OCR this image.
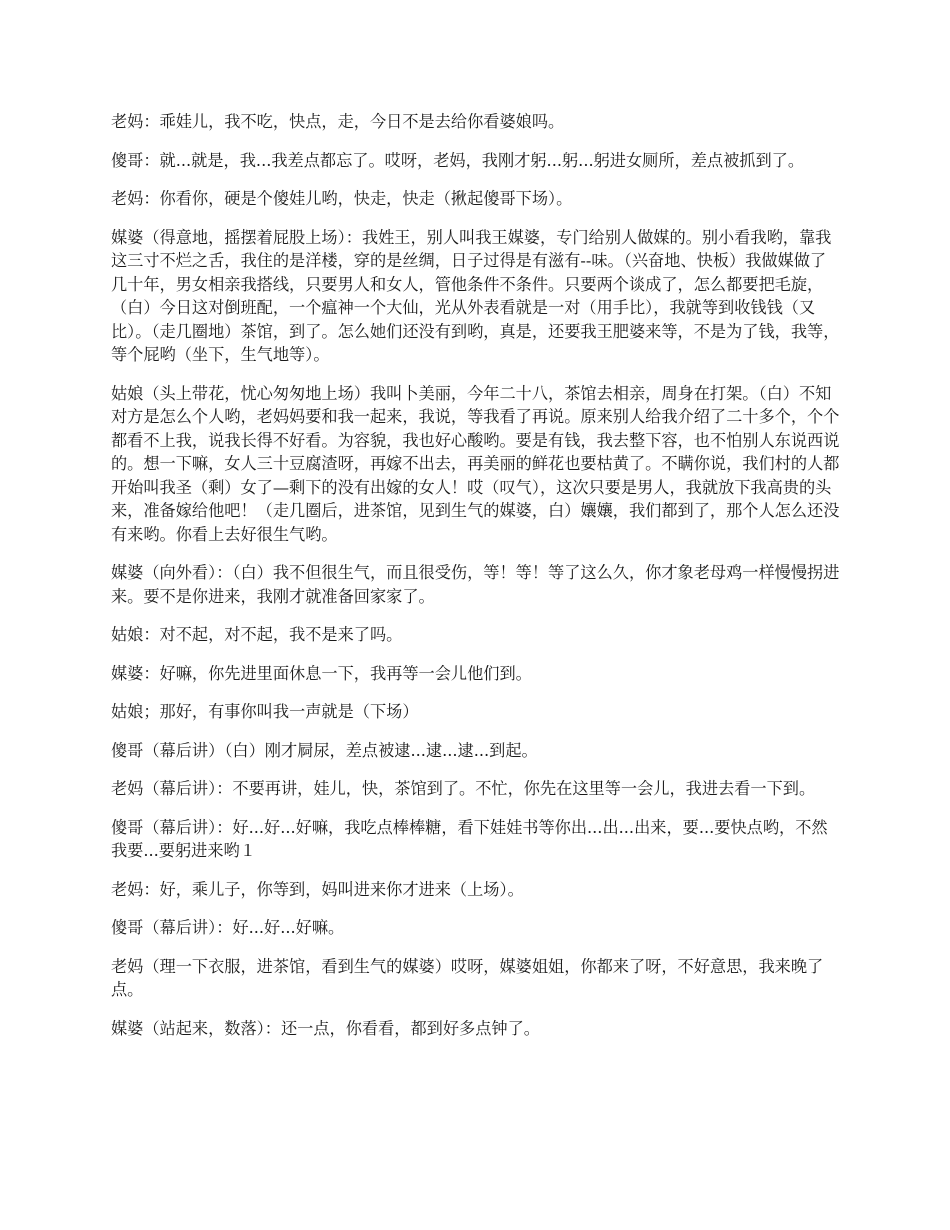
老妈：乖娃儿，我不吃，快点，走，今日不是去给你看婆娘吗。

傻哥：就...就是，我...我差点都忘了。哎呀，老妈，我刚才躬...躬...躬进女厕所，差点被抓到了。

老妈：你看你，硬是个傻娃儿哟，快走，快走（揪起傻哥下场）。

媒婆（得意地，摇摆着屁股上场）：我姓王，别人叫我王媒婆，专门给别人做媒的。别小看我哟，靠我这三寸不烂之舌，我住的是洋楼，穿的是丝绸，日子过得是有滋有--味。（兴奋地、快板）我做媒做了几十年，男女相亲我搭线，只要男人和女人，管他条件不条件。只要两个谈成了，怎么都要把毛旋，（白）今日这对倒班配，一个瘟神一个大仙，光从外表看就是一对（用手比），我就等到收钱钱（又比）。（走几圈地）茶馆，到了。怎么她们还没有到哟，真是，还要我王肥婆来等，不是为了钱，我等，等个屁哟（坐下，生气地等）。

姑娘（头上带花，忧心匆匆地上场）我叫卜美丽，今年二十八，茶馆去相亲，周身在打架。（白）不知对方是怎么个人哟，老妈妈要和我一起来，我说，等我看了再说。原来别人给我介绍了二十多个，个个都看不上我，说我长得不好看。为容貌，我也好心酸哟。要是有钱，我去整下容，也不怕别人东说西说的。想一下嘛，女人三十豆腐渣呀，再嫁不出去，再美丽的鲜花也要枯黄了。不瞒你说，我们村的人都开始叫我圣（剩）女了—剩下的没有出嫁的女人！哎（叹气），这次只要是男人，我就放下我高贵的头来，准备嫁给他吧！（走几圈后，进茶馆，见到生气的媒婆，白）孃孃，我们都到了，那个人怎么还没有来哟。你看上去好很生气哟。

媒婆（向外看）：（白）我不但很生气，而且很受伤，等！等！等了这么久，你才象老母鸡一样慢慢拐进来。要不是你进来，我刚才就准备回家家了。

姑娘：对不起，对不起，我不是来了吗。

媒婆：好嘛，你先进里面休息一下，我再等一会儿他们到。

姑娘；那好，有事你叫我一声就是（下场）

傻哥（幕后讲）（白）刚才屙尿，差点被逮...逮...逮...到起。

老妈（幕后讲）：不要再讲，娃儿，快，茶馆到了。不忙，你先在这里等一会儿，我进去看一下到。

傻哥（幕后讲）：好...好...好嘛，我吃点棒棒糖，看下娃娃书等你出...出...出来，要...要快点哟，不然我要...要躬进来哟１

老妈：好，乘儿子，你等到，妈叫进来你才进来（上场）。

傻哥（幕后讲）：好...好...好嘛。

老妈（理一下衣服，进茶馆，看到生气的媒婆）哎呀，媒婆姐姐，你都来了呀，不好意思，我来晚了点。

媒婆（站起来，数落）：还一点，你看看，都到好多点钟了。
